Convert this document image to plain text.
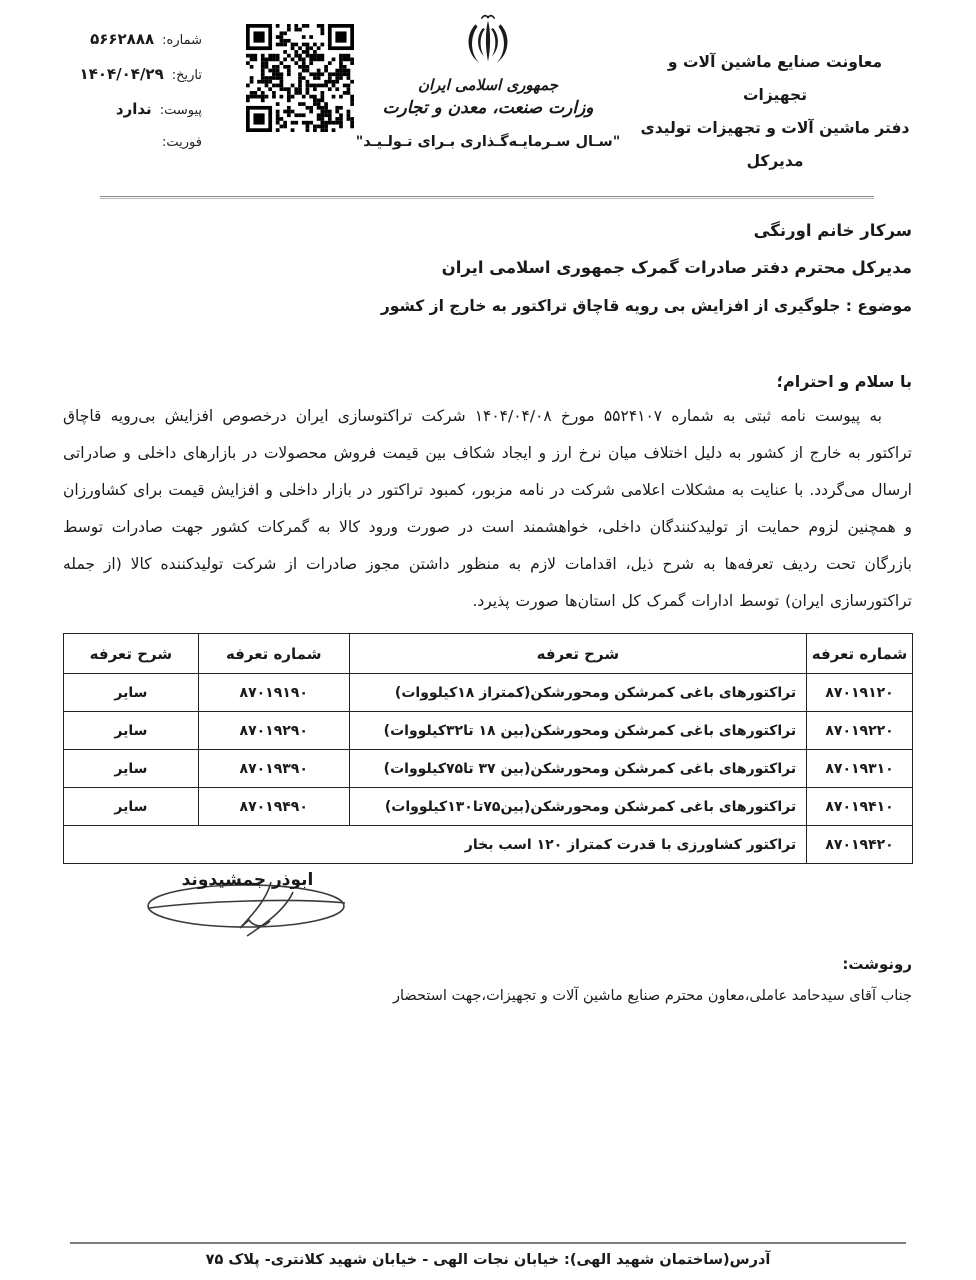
شماره:
۵۶۶۲۸۸۸
تاریخ:
۱۴۰۴/۰۴/۲۹
پیوست:
ندارد
فوریت:
جمهوری اسلامی ایران
وزارت صنعت، معدن و تجارت
"سـال سـرمایـه‌گـذاری بـرای تـولـیـد"
معاونت صنایع ماشین آلات و تجهیزات
دفتر ماشین آلات و تجهیزات تولیدی
مدیرکل
سرکار خانم اورنگی
مدیرکل محترم دفتر صادرات گمرک جمهوری اسلامی ایران
موضوع : جلوگیری از افزایش بی رویه قاچاق تراکتور به خارج از کشور
با سلام و احترام؛
به پیوست نامه ثبتی به شماره ۵۵۲۴۱۰۷ مورخ ۱۴۰۴/۰۴/۰۸ شرکت تراکتوسازی ایران درخصوص افزایش بی‌رویه قاچاق تراکتور به خارج از کشور به دلیل اختلاف میان نرخ ارز و ایجاد شکاف بین قیمت فروش محصولات در بازارهای داخلی و صادراتی ارسال می‌گردد. با عنایت به مشکلات اعلامی شرکت در نامه مزبور، کمبود تراکتور در بازار داخلی و افزایش قیمت برای کشاورزان و همچنین لزوم حمایت از تولیدکنندگان داخلی، خواهشمند است در صورت ورود کالا به گمرکات کشور جهت صادرات توسط بازرگان تحت ردیف تعرفه‌ها به شرح ذیل، اقدامات لازم به منظور داشتن مجوز صادرات از شرکت تولیدکننده کالا (از جمله تراکتورسازی ایران) توسط ادارات گمرک کل استان‌ها صورت پذیرد.
شماره تعرفه	شرح تعرفه	شماره تعرفه	شرح تعرفه
۸۷۰۱۹۱۲۰	تراکتورهای باغی کمرشکن ومحورشکن(کمتراز ۱۸کیلووات)	۸۷۰۱۹۱۹۰	سایر
۸۷۰۱۹۲۲۰	تراکتورهای باغی کمرشکن ومحورشکن(بین ۱۸ تا۳۲کیلووات)	۸۷۰۱۹۲۹۰	سایر
۸۷۰۱۹۳۱۰	تراکتورهای باغی کمرشکن ومحورشکن(بین ۳۷ تا۷۵کیلووات)	۸۷۰۱۹۳۹۰	سایر
۸۷۰۱۹۴۱۰	تراکتورهای باغی کمرشکن ومحورشکن(بین۷۵تا۱۳۰کیلووات)	۸۷۰۱۹۴۹۰	سایر
۸۷۰۱۹۴۲۰	تراکتور کشاورزی با قدرت کمتراز ۱۲۰ اسب بخار		
ابوذر جمشیدوند
رونوشت:
جناب آقای سیدحامد عاملی،معاون محترم صنایع ماشین آلات و تجهیزات،جهت استحضار
آدرس(ساختمان شهید الهی): خیابان نجات الهی - خیابان شهید کلانتری- پلاک ۷۵
